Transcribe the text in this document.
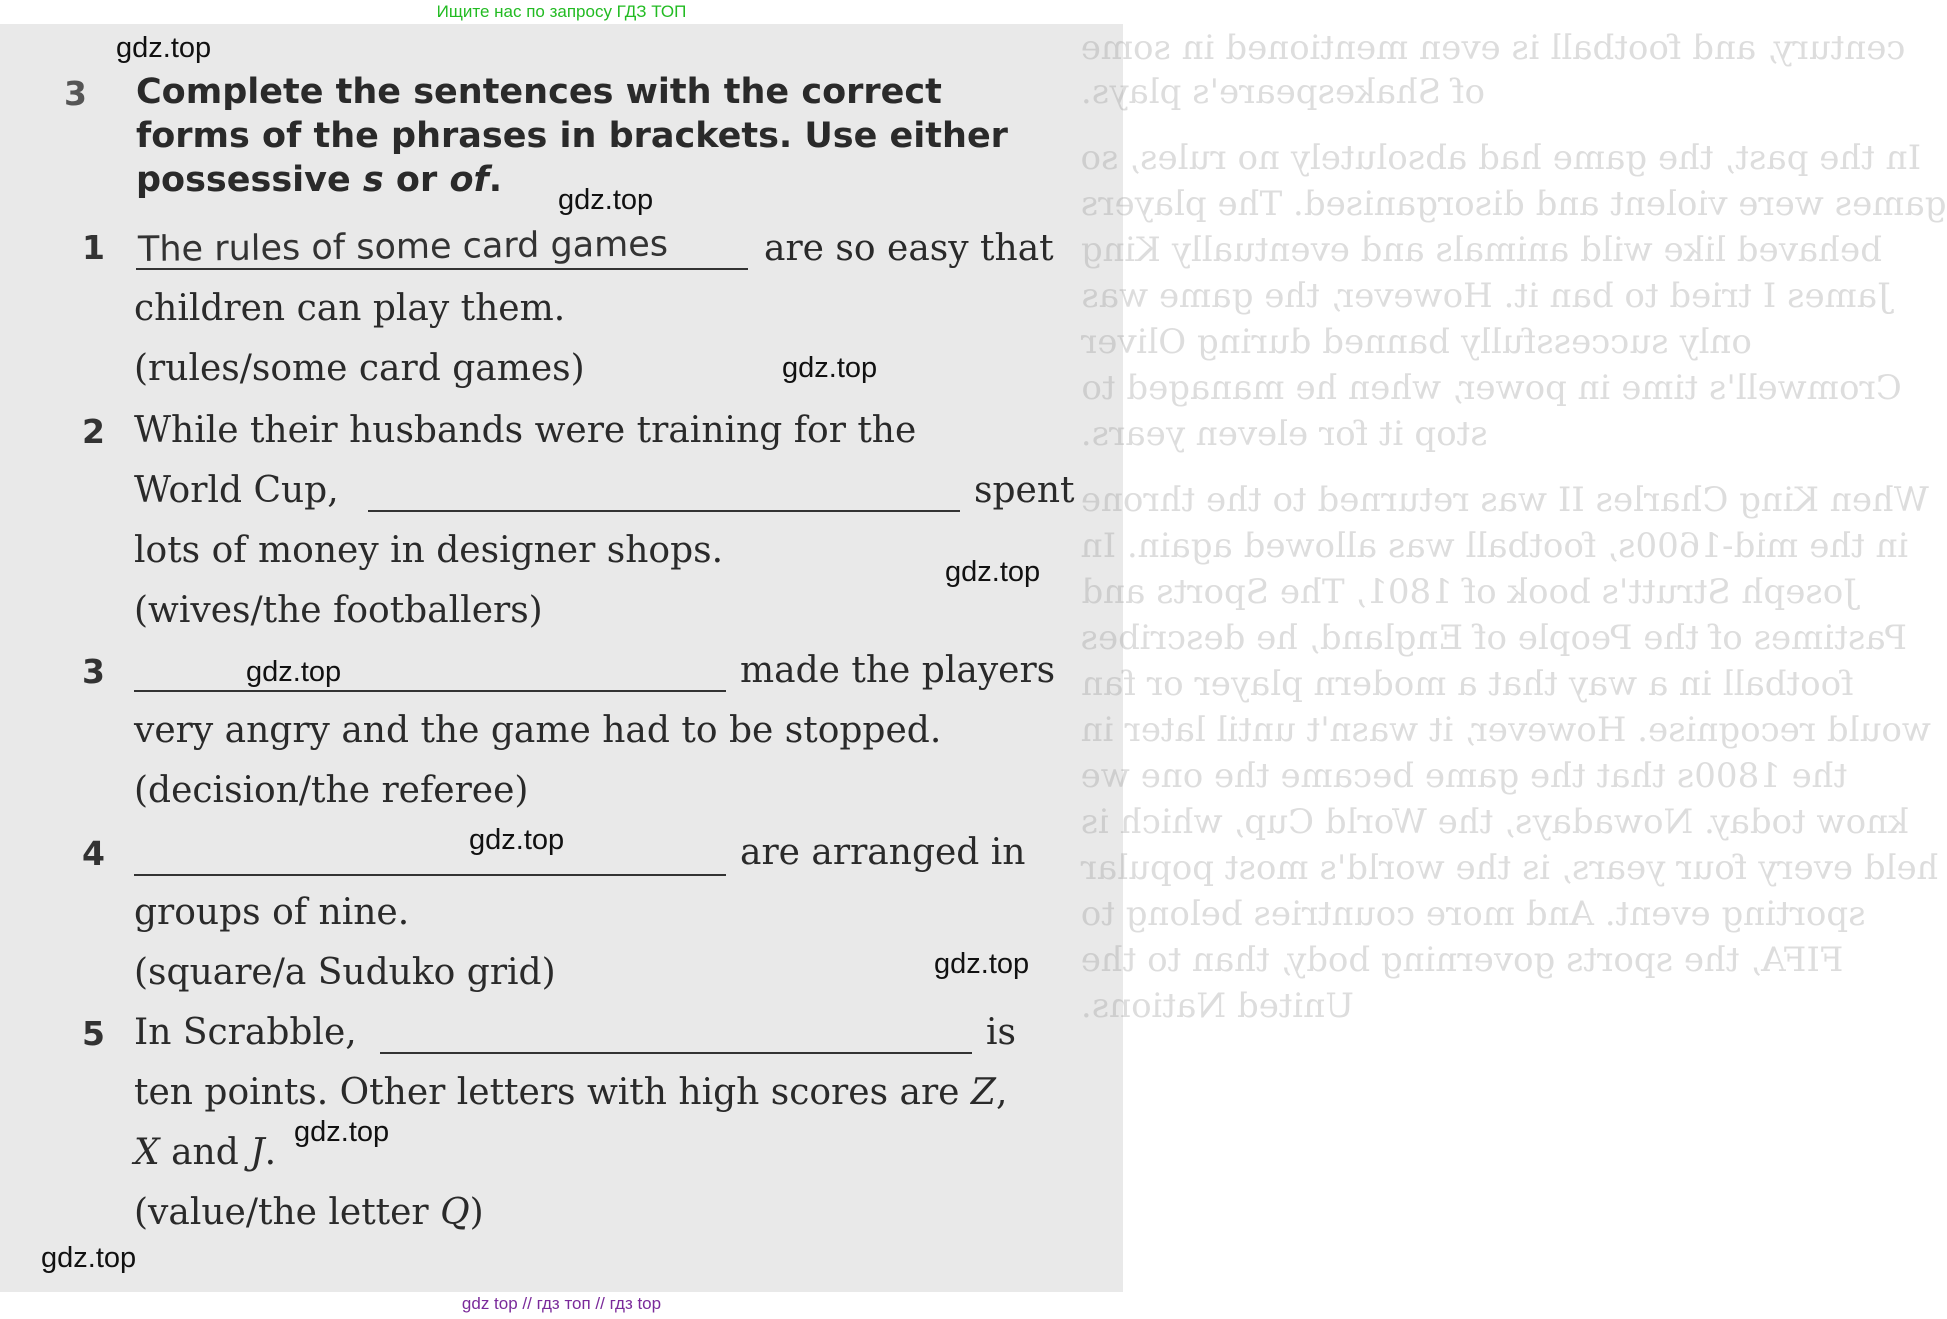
Ищите нас по запросу ГДЗ ТОП
century, and football is even mentioned in some
of Shakespeare's plays.
In the past, the game had absolutely no rules, so
games were violent and disorganised. The players
behaved like wild animals and eventually King
James I tried to ban it. However, the game was
only successfully banned during Oliver
Cromwell's time in power, when he managed to
stop it for eleven years.
When King Charles II was returned to the throne
in the mid-1600s, football was allowed again. In
Joseph Strutt's book of 1801, The Sports and
Pastimes of the People of England, he describes
football in a way that a modern player or fan
would recognise. However, it wasn't until later in
the 1800s that the game became the one we
know today. Nowadays, the World Cup, which is
held every four years, is the world's most popular
sporting event. And more countries belong to
FIFA, the sports governing body, than to the
United Nations.
3 Complete the sentences with the correct
forms of the phrases in brackets. Use either
possessive s or of.
1 The rules of some card games	are so easy that
children can play them.
(rules/some card games)
2 While their husbands were training for the
World Cup,	spent
lots of money in designer shops.
(wives/the footballers)
3	made the players
very angry and the game had to be stopped.
(decision/the referee)
4	are arranged in
groups of nine.
(square/a Suduko grid)
5 In Scrabble,	is
ten points. Other letters with high scores are Z,
X and J.
(value/the letter Q)
gdz.top
gdz.top
gdz.top
gdz.top
gdz.top
gdz.top
gdz.top
gdz.top
gdz.top
gdz top // гдз топ // гдз top
